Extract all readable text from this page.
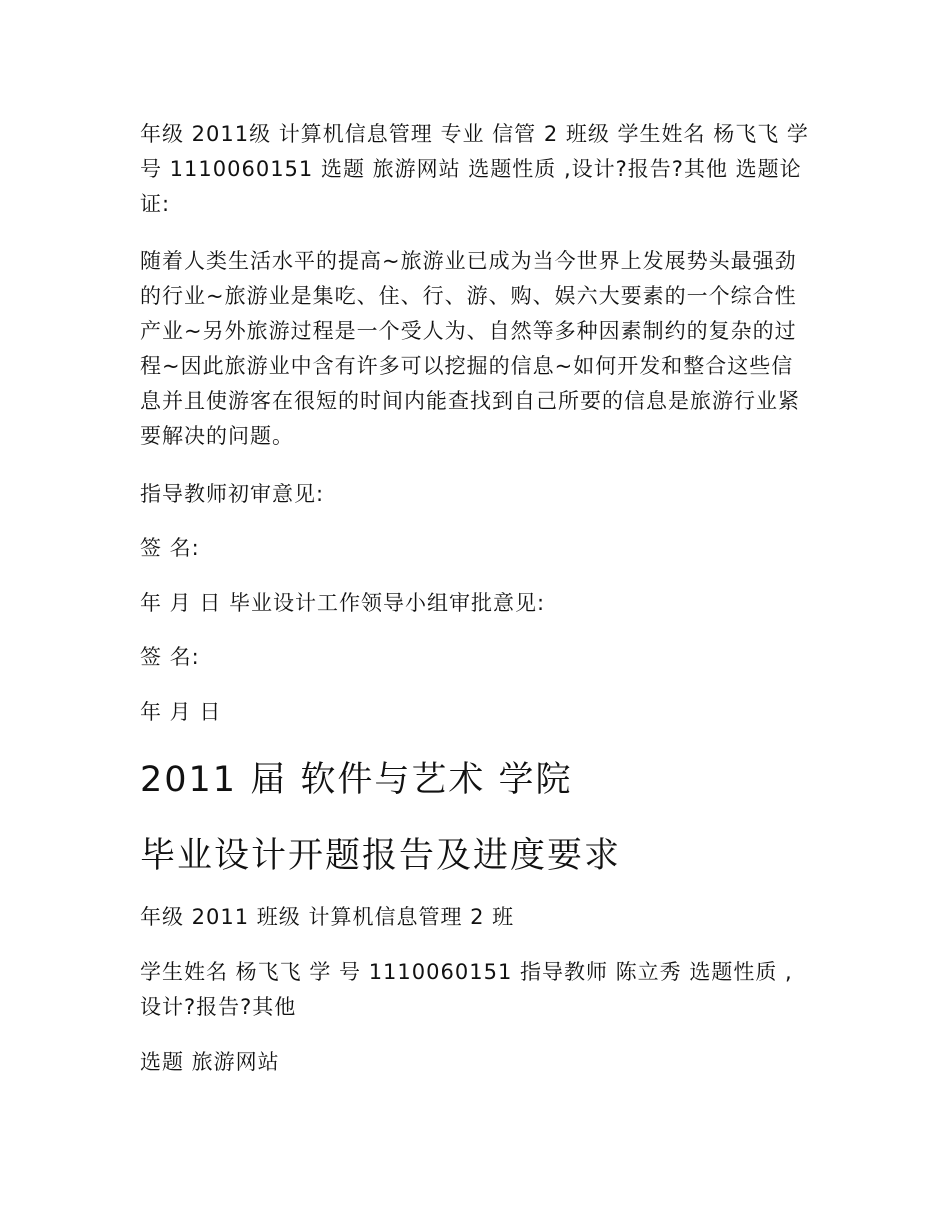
年级 2011级 计算机信息管理 专业 信管 2 班级 学生姓名 杨飞飞 学 号 1110060151 选题 旅游网站 选题性质 ,设计?报告?其他 选题论证:

随着人类生活水平的提高~旅游业已成为当今世界上发展势头最强劲的行业~旅游业是集吃、住、行、游、购、娱六大要素的一个综合性产业~另外旅游过程是一个受人为、自然等多种因素制约的复杂的过程~因此旅游业中含有许多可以挖掘的信息~如何开发和整合这些信息并且使游客在很短的时间内能查找到自己所要的信息是旅游行业紧要解决的问题。

指导教师初审意见:

签 名:

年 月 日 毕业设计工作领导小组审批意见:

签 名:

年 月 日

2011 届 软件与艺术 学院
毕业设计开题报告及进度要求

年级 2011 班级 计算机信息管理 2 班

学生姓名 杨飞飞 学 号 1110060151 指导教师 陈立秀 选题性质 ,设计?报告?其他

选题 旅游网站
